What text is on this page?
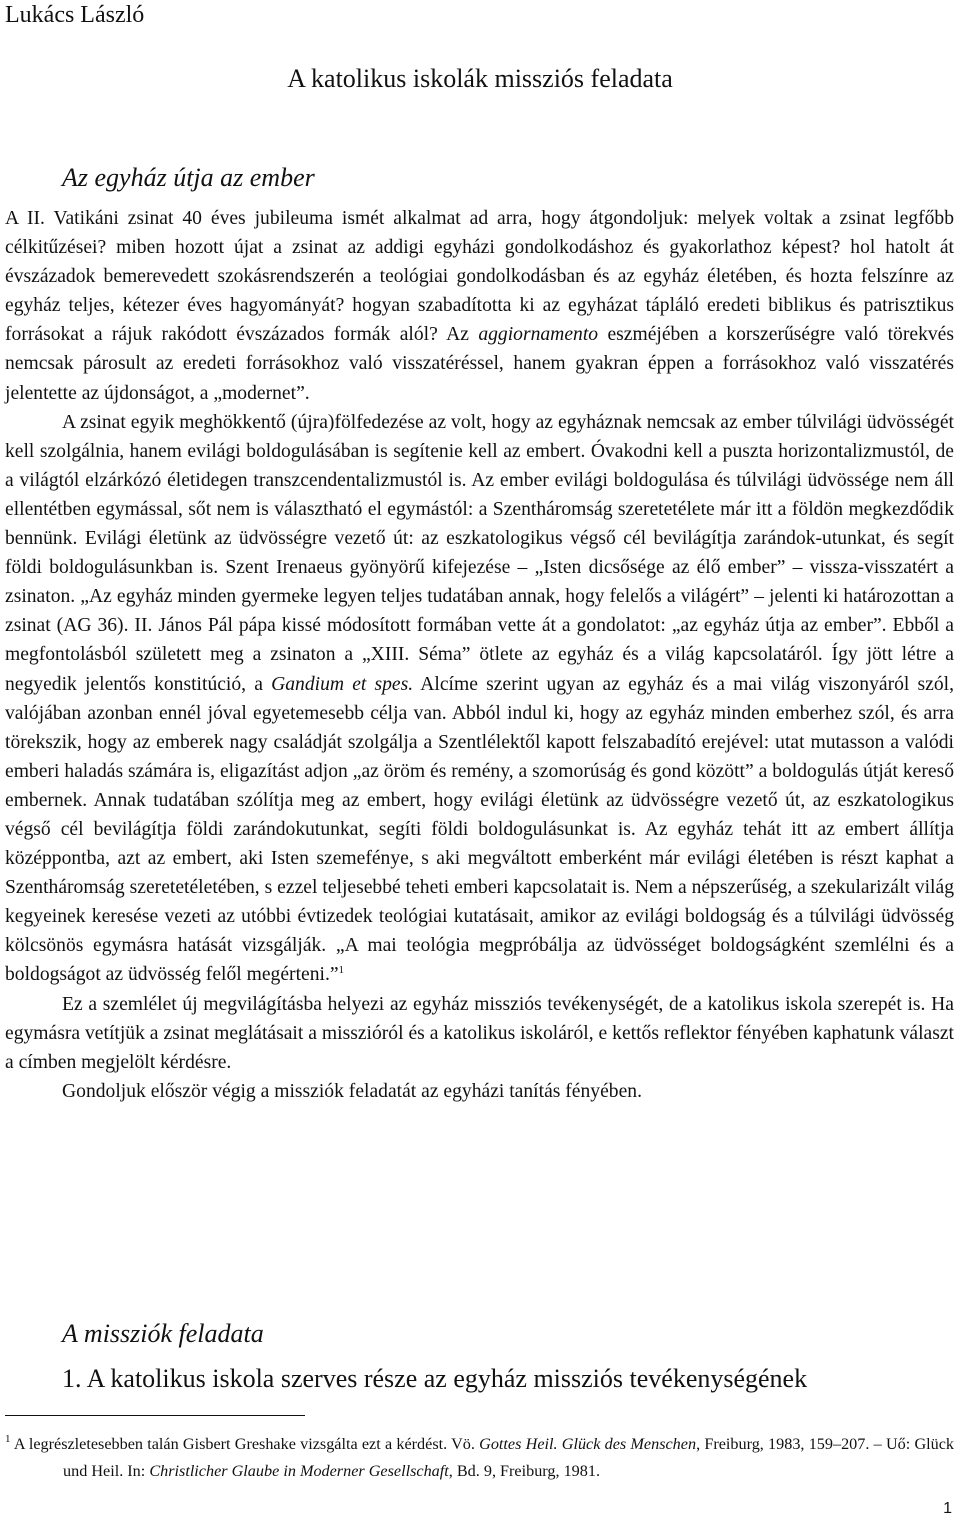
Lukács László
A katolikus iskolák missziós feladata
Az egyház útja az ember

A II. Vatikáni zsinat 40 éves jubileuma ismét alkalmat ad arra, hogy átgondoljuk: melyek voltak a zsinat legfőbb célkitűzései? miben hozott újat a zsinat az addigi egyházi gondolkodáshoz és gyakorlathoz képest? hol hatolt át évszázadok bemerevedett szokásrendszerén a teológiai gondolkodásban és az egyház életében, és hozta felszínre az egyház teljes, kétezer éves hagyományát? hogyan szabadította ki az egyházat tápláló eredeti biblikus és patrisztikus forrásokat a rájuk rakódott évszázados formák alól? Az aggiornamento eszméjében a korszerűségre való törekvés nemcsak párosult az eredeti forrásokhoz való visszatéréssel, hanem gyakran éppen a forrásokhoz való visszatérés jelentette az újdonságot, a „modernet”.

A zsinat egyik meghökkentő (újra)fölfedezése az volt, hogy az egyháznak nemcsak az ember túlvilági üdvösségét kell szolgálnia, hanem evilági boldogulásában is segítenie kell az embert. Óvakodni kell a puszta horizontalizmustól, de a világtól elzárkózó életidegen transzcendentalizmustól is. Az ember evilági boldogulása és túlvilági üdvössége nem áll ellentétben egymással, sőt nem is választható el egymástól: a Szentháromság szeretetélete már itt a földön megkezdődik bennünk. Evilági életünk az üdvösségre vezető út: az eszkatologikus végső cél bevilágítja zarándok-utunkat, és segít földi boldogulásunkban is. Szent Irenaeus gyönyörű kifejezése – „Isten dicsősége az élő ember” – vissza-visszatért a zsinaton. „Az egyház minden gyermeke legyen teljes tudatában annak, hogy felelős a világért” – jelenti ki határozottan a zsinat (AG 36). II. János Pál pápa kissé módosított formában vette át a gondolatot: „az egyház útja az ember”. Ebből a megfontolásból született meg a zsinaton a „XIII. Séma” ötlete az egyház és a világ kapcsolatáról. Így jött létre a negyedik jelentős konstitúció, a Gandium et spes. Alcíme szerint ugyan az egyház és a mai világ viszonyáról szól, valójában azonban ennél jóval egyetemesebb célja van. Abból indul ki, hogy az egyház minden emberhez szól, és arra törekszik, hogy az emberek nagy családját szolgálja a Szentlélektől kapott felszabadító erejével: utat mutasson a valódi emberi haladás számára is, eligazítást adjon „az öröm és remény, a szomorúság és gond között” a boldogulás útját kereső embernek. Annak tudatában szólítja meg az embert, hogy evilági életünk az üdvösségre vezető út, az eszkatologikus végső cél bevilágítja földi zarándokutunkat, segíti földi boldogulásunkat is. Az egyház tehát itt az embert állítja középpontba, azt az embert, aki Isten szemefénye, s aki megváltott emberként már evilági életében is részt kaphat a Szentháromság szeretetéletében, s ezzel teljesebbé teheti emberi kapcsolatait is. Nem a népszerűség, a szekularizált világ kegyeinek keresése vezeti az utóbbi évtizedek teológiai kutatásait, amikor az evilági boldogság és a túlvilági üdvösség kölcsönös egymásra hatását vizsgálják. „A mai teológia megpróbálja az üdvösséget boldogságként szemlélni és a boldogságot az üdvösség felől megérteni.”$^1$

Ez a szemlélet új megvilágításba helyezi az egyház missziós tevékenységét, de a katolikus iskola szerepét is. Ha egymásra vetítjük a zsinat meglátásait a misszióról és a katolikus iskoláról, e kettős reflektor fényében kaphatunk választ a címben megjelölt kérdésre.

Gondoljuk először végig a missziók feladatát az egyházi tanítás fényében.

A missziók feladata
1. A katolikus iskola szerves része az egyház missziós tevékenységének
$^1$ A legrészletesebben talán Gisbert Greshake vizsgálta ezt a kérdést. Vö. Gottes Heil. Glück des Menschen, Freiburg, 1983, 159–207. – Uő: Glück und Heil. In: Christlicher Glaube in Moderner Gesellschaft, Bd. 9, Freiburg, 1981.
1
